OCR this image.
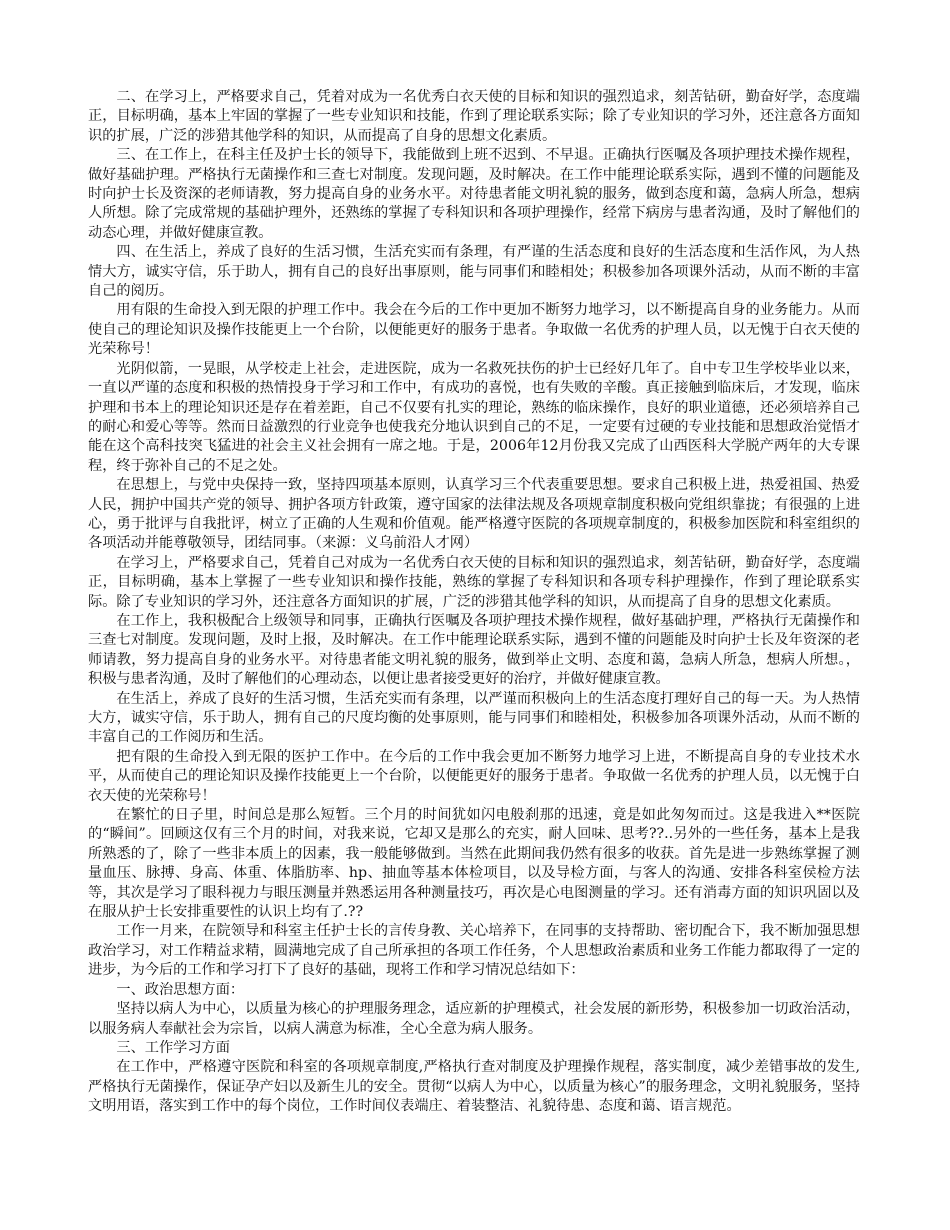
二、在学习上，严格要求自己，凭着对成为一名优秀白衣天使的目标和知识的强烈追求，刻苦钻研，勤奋好学，态度端正，目标明确，基本上牢固的掌握了一些专业知识和技能，作到了理论联系实际；除了专业知识的学习外，还注意各方面知识的扩展，广泛的涉猎其他学科的知识，从而提高了自身的思想文化素质。

三、在工作上，在科主任及护士长的领导下，我能做到上班不迟到、不早退。正确执行医嘱及各项护理技术操作规程，做好基础护理。严格执行无菌操作和三查七对制度。发现问题，及时解决。在工作中能理论联系实际，遇到不懂的问题能及时向护士长及资深的老师请教，努力提高自身的业务水平。对待患者能文明礼貌的服务，做到态度和蔼，急病人所急，想病人所想。除了完成常规的基础护理外，还熟练的掌握了专科知识和各项护理操作，经常下病房与患者沟通，及时了解他们的动态心理，并做好健康宣教。

四、在生活上，养成了良好的生活习惯，生活充实而有条理，有严谨的生活态度和良好的生活态度和生活作风，为人热情大方，诚实守信，乐于助人，拥有自己的良好出事原则，能与同事们和睦相处；积极参加各项课外活动，从而不断的丰富自己的阅历。

用有限的生命投入到无限的护理工作中。我会在今后的工作中更加不断努力地学习，以不断提高自身的业务能力。从而使自己的理论知识及操作技能更上一个台阶，以便能更好的服务于患者。争取做一名优秀的护理人员，以无愧于白衣天使的光荣称号！

光阴似箭，一晃眼，从学校走上社会，走进医院，成为一名救死扶伤的护士已经好几年了。自中专卫生学校毕业以来，一直以严谨的态度和积极的热情投身于学习和工作中，有成功的喜悦，也有失败的辛酸。真正接触到临床后，才发现，临床护理和书本上的理论知识还是存在着差距，自己不仅要有扎实的理论，熟练的临床操作，良好的职业道德，还必须培养自己的耐心和爱心等等。然而日益激烈的行业竞争也使我充分地认识到自己的不足，一定要有过硬的专业技能和思想政治觉悟才能在这个高科技突飞猛进的社会主义社会拥有一席之地。于是，2006年12月份我又完成了山西医科大学脱产两年的大专课程，终于弥补自己的不足之处。

在思想上，与党中央保持一致，坚持四项基本原则，认真学习三个代表重要思想。要求自己积极上进，热爱祖国、热爱人民，拥护中国共产党的领导、拥护各项方针政策，遵守国家的法律法规及各项规章制度积极向党组织靠拢；有很强的上进心，勇于批评与自我批评，树立了正确的人生观和价值观。能严格遵守医院的各项规章制度的，积极参加医院和科室组织的各项活动并能尊敬领导，团结同事。（来源：义乌前沿人才网）

在学习上，严格要求自己，凭着自己对成为一名优秀白衣天使的目标和知识的强烈追求，刻苦钻研，勤奋好学，态度端正，目标明确，基本上掌握了一些专业知识和操作技能，熟练的掌握了专科知识和各项专科护理操作，作到了理论联系实际。除了专业知识的学习外，还注意各方面知识的扩展，广泛的涉猎其他学科的知识，从而提高了自身的思想文化素质。

在工作上，我积极配合上级领导和同事，正确执行医嘱及各项护理技术操作规程，做好基础护理，严格执行无菌操作和三查七对制度。发现问题，及时上报，及时解决。在工作中能理论联系实际，遇到不懂的问题能及时向护士长及年资深的老师请教，努力提高自身的业务水平。对待患者能文明礼貌的服务，做到举止文明、态度和蔼，急病人所急，想病人所想。，积极与患者沟通，及时了解他们的心理动态，以便让患者接受更好的治疗，并做好健康宣教。

在生活上，养成了良好的生活习惯，生活充实而有条理，以严谨而积极向上的生活态度打理好自己的每一天。为人热情大方，诚实守信，乐于助人，拥有自己的尺度均衡的处事原则，能与同事们和睦相处，积极参加各项课外活动，从而不断的丰富自己的工作阅历和生活。

把有限的生命投入到无限的医护工作中。在今后的工作中我会更加不断努力地学习上进，不断提高自身的专业技术水平，从而使自己的理论知识及操作技能更上一个台阶，以便能更好的服务于患者。争取做一名优秀的护理人员，以无愧于白衣天使的光荣称号！

在繁忙的日子里，时间总是那么短暂。三个月的时间犹如闪电般刹那的迅速，竟是如此匆匆而过。这是我进入**医院的“瞬间”。回顾这仅有三个月的时间，对我来说，它却又是那么的充实，耐人回味、思考??..另外的一些任务，基本上是我所熟悉的了，除了一些非本质上的因素，我一般能够做到。当然在此期间我仍然有很多的收获。首先是进一步熟练掌握了测量血压、脉搏、身高、体重、体脂肪率、hp、抽血等基本体检项目，以及导检方面，与客人的沟通、安排各科室侯检方法等，其次是学习了眼科视力与眼压测量并熟悉运用各种测量技巧，再次是心电图测量的学习。还有消毒方面的知识巩固以及在服从护士长安排重要性的认识上均有了.??

工作一月来，在院领导和科室主任护士长的言传身教、关心培养下，在同事的支持帮助、密切配合下，我不断加强思想政治学习，对工作精益求精，圆满地完成了自己所承担的各项工作任务，个人思想政治素质和业务工作能力都取得了一定的进步，为今后的工作和学习打下了良好的基础，现将工作和学习情况总结如下：

一、政治思想方面：

坚持以病人为中心，以质量为核心的护理服务理念，适应新的护理模式，社会发展的新形势，积极参加一切政治活动，以服务病人奉献社会为宗旨，以病人满意为标准，全心全意为病人服务。

三、工作学习方面

在工作中，严格遵守医院和科室的各项规章制度,严格执行查对制度及护理操作规程，落实制度，减少差错事故的发生,严格执行无菌操作，保证孕产妇以及新生儿的安全。贯彻“以病人为中心，以质量为核心”的服务理念，文明礼貌服务，坚持文明用语，落实到工作中的每个岗位，工作时间仪表端庄、着装整洁、礼貌待患、态度和蔼、语言规范。
